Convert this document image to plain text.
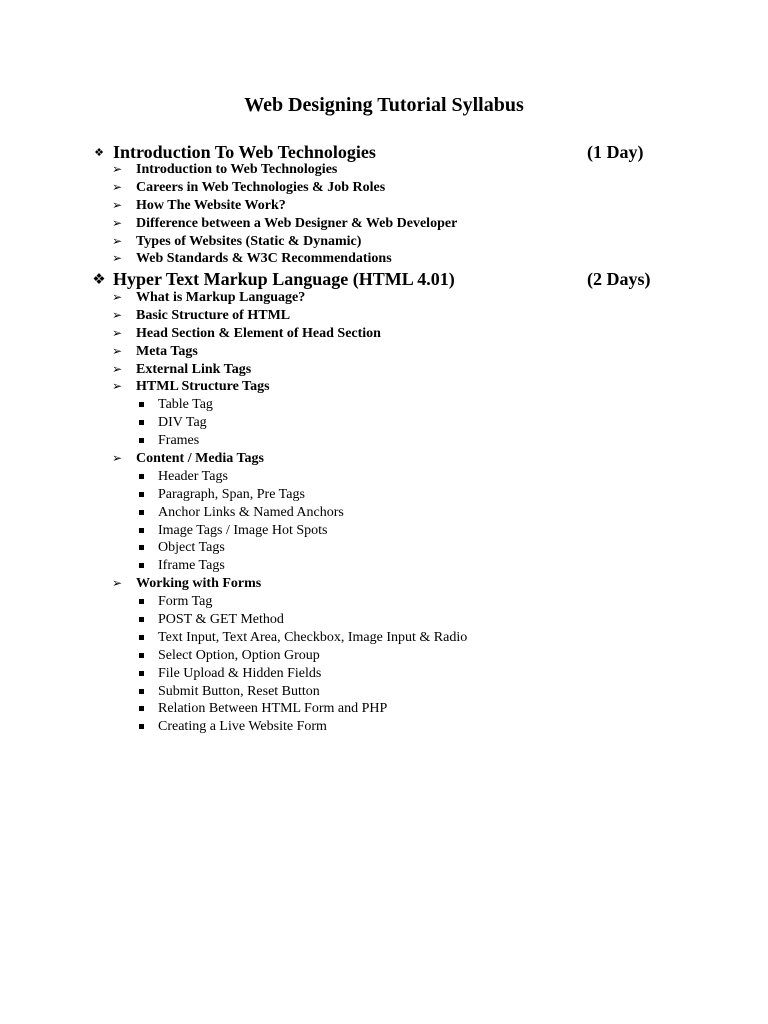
Web Designing Tutorial Syllabus
❖ Introduction To Web Technologies	(1 Day)
➢ Introduction to Web Technologies
➢ Careers in Web Technologies & Job Roles
➢ How The Website Work?
➢ Difference between a Web Designer & Web Developer
➢ Types of Websites (Static & Dynamic)
➢ Web Standards & W3C Recommendations
❖ Hyper Text Markup Language (HTML 4.01)	(2 Days)
➢ What is Markup Language?
➢ Basic Structure of HTML
➢ Head Section & Element of Head Section
➢ Meta Tags
➢ External Link Tags
➢ HTML Structure Tags
Table Tag
DIV Tag
Frames
➢ Content / Media Tags
Header Tags
Paragraph, Span, Pre Tags
Anchor Links & Named Anchors
Image Tags / Image Hot Spots
Object Tags
Iframe Tags
➢ Working with Forms
Form Tag
POST & GET Method
Text Input, Text Area, Checkbox, Image Input & Radio
Select Option, Option Group
File Upload & Hidden Fields
Submit Button, Reset Button
Relation Between HTML Form and PHP
Creating a Live Website Form
